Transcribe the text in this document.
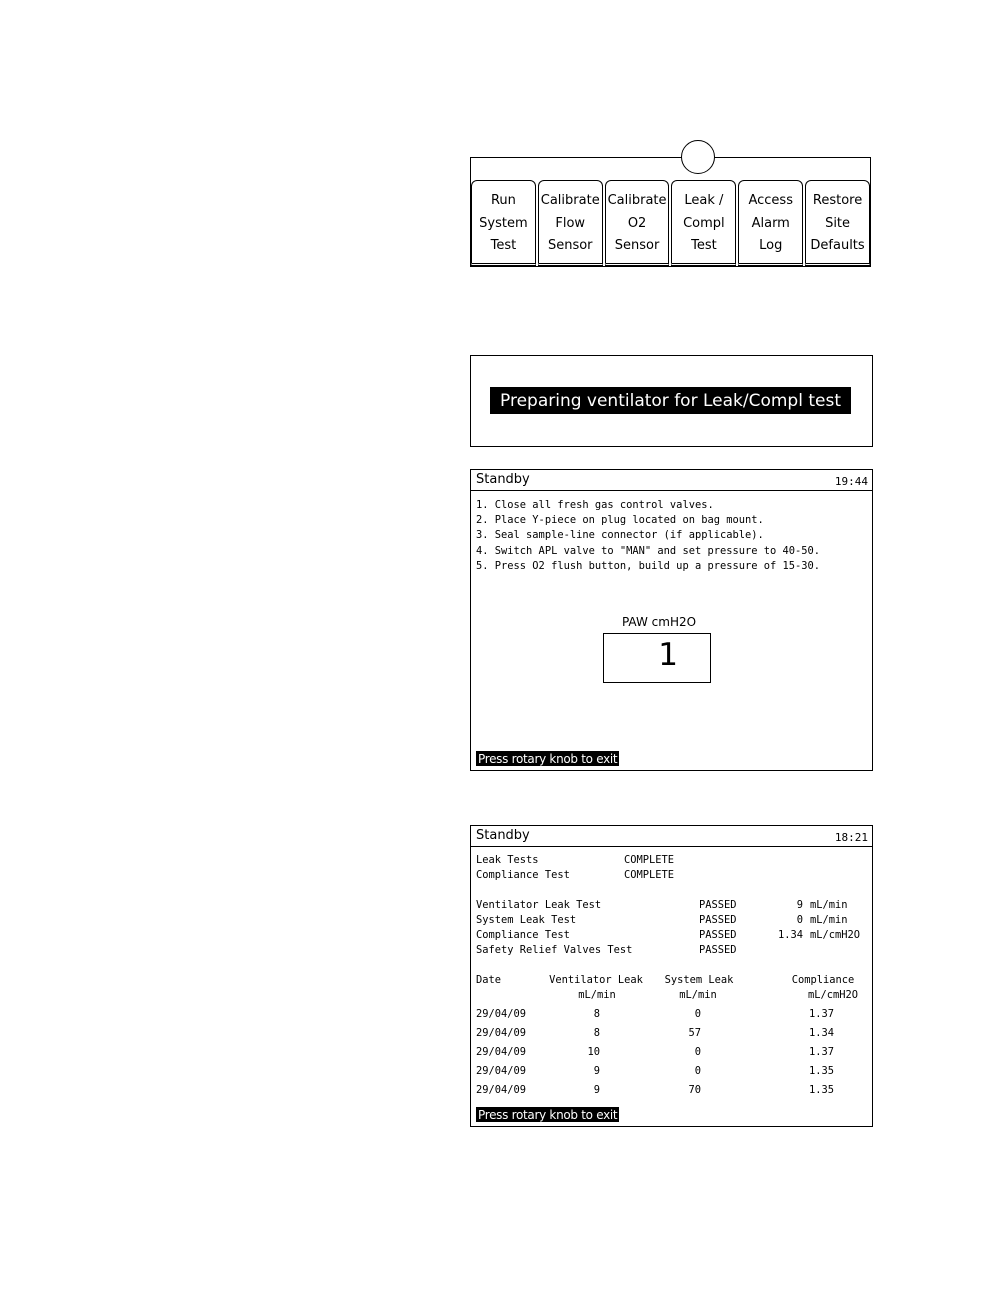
Run
System
Test
Calibrate
Flow
Sensor
Calibrate
O2
Sensor
Leak /
Compl
Test
Access
Alarm
Log
Restore
Site
Defaults
Preparing ventilator for Leak/Compl test
Standby	19:44
1. Close all fresh gas control valves.
2. Place Y-piece on plug located on bag mount.
3. Seal sample-line connector (if applicable).
4. Switch APL valve to "MAN" and set pressure to 40-50.
5. Press O2 flush button, build up a pressure of 15-30.
PAW cmH2O
1
Press rotary knob to exit
Standby	18:21
Leak Tests	COMPLETE
Compliance Test	COMPLETE
Ventilator Leak Test	PASSED	9 mL/min
System Leak Test	PASSED	0 mL/min
Compliance Test	PASSED	1.34 mL/cmH2O
Safety Relief Valves Test	PASSED
Date	Ventilator Leak	System Leak	Compliance
mL/min	mL/min	mL/cmH2O
29/04/09	8	0	1.37
29/04/09	8	57	1.34
29/04/09	10	0	1.37
29/04/09	9	0	1.35
29/04/09	9	70	1.35
Press rotary knob to exit
